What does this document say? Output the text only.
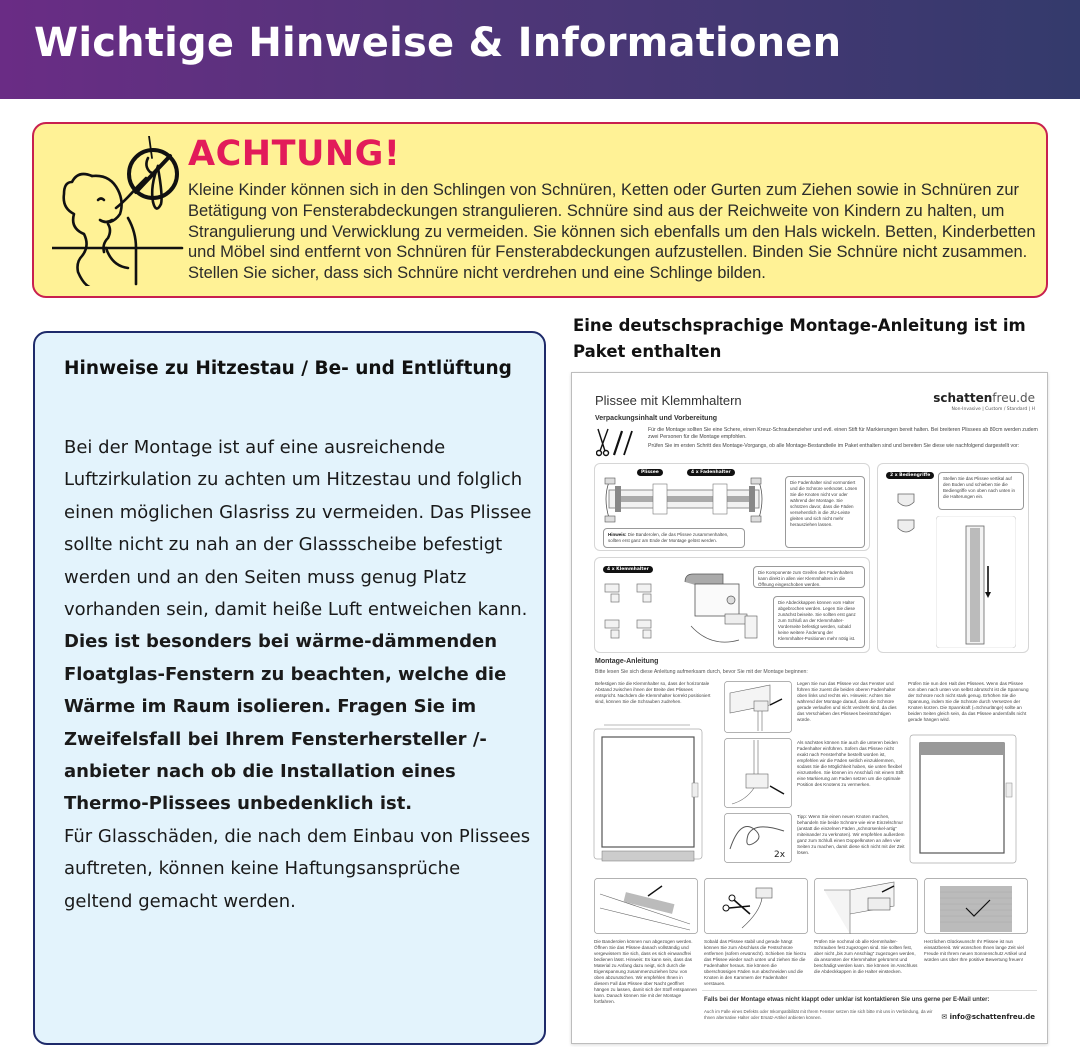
Wichtige Hinweise & Informationen
ACHTUNG!

Kleine Kinder können sich in den Schlingen von Schnüren, Ketten oder Gurten zum Ziehen sowie in Schnüren zur Betätigung von Fensterabdeckungen strangulieren. Schnüre sind aus der Reichweite von Kindern zu halten, um Strangulierung und Verwicklung zu vermeiden. Sie können sich ebenfalls um den Hals wickeln. Betten, Kinderbetten und Möbel sind entfernt von Schnüren für Fensterabdeckungen aufzustellen. Binden Sie Schnüre nicht zusammen. Stellen Sie sicher, dass sich Schnüre nicht verdrehen und eine Schlinge bilden.

Hinweise zu Hitzestau / Be- und Entlüftung
Bei der Montage ist auf eine ausreichende Luftzirkulation zu achten um Hitzestau und folglich einen möglichen Glasriss zu vermeiden. Das Plissee sollte nicht zu nah an der Glassscheibe befestigt werden und an den Seiten muss genug Platz vorhanden sein, damit heiße Luft entweichen kann.
Dies ist besonders bei wärme-dämmenden Floatglas-Fenstern zu beachten, welche die Wärme im Raum isolieren. Fragen Sie im Zweifelsfall bei Ihrem Fensterhersteller /-anbieter nach ob die Installation eines Thermo-Plissees unbedenklich ist.
Für Glasschäden, die nach dem Einbau von Plissees auftreten, können keine Haftungsansprüche geltend gemacht werden.
Eine deutschsprachige Montage-Anleitung ist im Paket enthalten
Plissee mit Klemmhaltern	schattenfreu.de
Non-Invasive | Custom / Standard | H
Verpackungsinhalt und Vorbereitung

Für die Montage sollten Sie eine Schere, einen Kreuz-Schraubenzieher und evtl. einen Stift für Markierungen bereit halten. Bei breiteren Plissees ab 80cm werden zudem zwei Personen für die Montage empfohlen.

Prüfen Sie im ersten Schritt des Montage-Vorgangs, ob alle Montage-Bestandteile im Paket enthalten sind und bereiten Sie diese wie nachfolgend dargestellt vor:

Plissee	4 x Fadenhalter
Hinweis: Die Banderolen, die das Plissee zusammenhalten, sollten erst ganz am Ende der Montage gelöst werden.
Die Fadenhalter sind vormontiert und die Schnüre verknotet. Lösen Sie die Knoten nicht vor oder während der Montage. Sie schützen davor, dass die Fäden versehentlich in die J/U-Leiste gleiten und sich nicht mehr herausziehen lassen.
2 x Bediengriffe
Stellen Sie das Plissee vertikal auf den Boden und schieben Sie die Bediengriffe von oben nach unten in die Halterungen ein.
4 x Klemmhalter
Die Komponente zum Greifen des Fadenhalters kann direkt in allen vier Klemmhaltern in die Öffnung eingeschoben werden.
Die Abdeckkappen können vom Halter abgebrochen werden. Legen Sie diese zunächst beiseite. Sie sollten erst ganz zum Schluß an der Klemmhalter-Vorderseite befestigt werden, sobald keine weitere Änderung der Klemmhalter-Positionen mehr nötig ist.
Montage-Anleitung
Bitte lesen Sie sich diese Anleitung aufmerksam durch, bevor Sie mit der Montage beginnen:
Befestigen Sie die Klemmhalter so, dass der horizontale Abstand zwischen ihnen der Breite des Plissees entspricht. Nachdem die Klemmhalter korrekt positioniert sind, können Sie die Schrauben zudrehen.
2x
Legen Sie nun das Plissee vor das Fenster und führen Sie zuerst die beiden oberen Fadenhalter oben links und rechts ein. Hinweis: Achten Sie während der Montage darauf, dass die Schnüre gerade verlaufen und nicht verdreht sind, da dies das Verschieben des Plissees beeinträchtigen würde.
Als nächstes können Sie auch die unteren beiden Fadenhalter einführen. Sofern das Plissee nicht exakt nach Fensterhöhe bestellt worden ist, empfehlen wir die Fäden seitlich einzuklemmen, sodass Sie die Möglichkeit haben, sie unten flexibel einzustellen. Sie können im Anschluß mit einem Stift eine Markierung am Faden setzen um die optimale Position des Knotens zu vermerken.
Tipp: Wenn Sie einen neuen Knoten machen, behandeln Sie beide Schnüre wie eine Einzelschnur (anstatt die einzelnen Fäden „schnürsenkel-artig“ miteinander zu verknoten). Wir empfehlen außerdem ganz zum Schluß einen Doppelknoten an allen vier Seiten zu machen, damit diese sich nicht mit der Zeit lösen.
Prüfen Sie nun den Halt des Plissees. Wenn das Plissee von oben nach unten von selbst abrutscht ist die Spannung der Schnüre noch nicht stark genug. Erhöhen Sie die Spannung, indem Sie die Schnüre durch Versetzen der Knoten kürzen. Die Spannkraft (=Schnurlänge) sollte an beiden Seiten gleich sein, da das Plissee andernfalls nicht gerade hängen wird.
Die Banderolen können nun abgezogen werden. Öffnen Sie das Plissee danach vollständig und vergewissern Sie sich, dass es sich einwandfrei bedienen lässt. Hinweis: Es kann sein, dass das Material zu Anfang dazu neigt, sich durch die Eigenspannung zusammenzuziehen bzw. von oben abzurutschen. Wir empfehlen Ihnen in diesem Fall das Plissee über Nacht geöffnet hängen zu lassen, damit sich der Stoff entspannen kann. Danach können Sie mit der Montage fortfahren.
Sobald das Plissee stabil und gerade hängt können Sie zum Abschluss die Festschnüre entfernen (sofern erwünscht). Schieben Sie hierzu das Plissee wieder nach unten und ziehen Sie die Fadenhalter heraus. Sie können die überschüssigen Fäden nun abschneiden und die Knoten in den Kammern der Fadenhalter verstauen.
Prüfen Sie nochmal ob alle Klemmhalter-Schrauben fest zugezogen sind. Sie sollten fest, aber nicht „bis zum Anschlag“ zugezogen werden, da ansonsten der Klemmhalter gekrümmt und beschädigt werden kann. Sie können im Anschluss die Abdeckkappen in die Halter einstecken.
Herzlichen Glückwunsch! Ihr Plissee ist nun einsatzbereit. Wir wünschen Ihnen lange Zeit viel Freude mit Ihrem neuen Sonnenschutz Artikel und würden uns über Ihre positive Bewertung freuen!
Falls bei der Montage etwas nicht klappt oder unklar ist kontaktieren Sie uns gerne per E-Mail unter:
Auch im Falle eines Defekts oder Inkompatibilität mit Ihrem Fenster setzen Sie sich bitte mit uns in Verbindung, da wir Ihnen alternative Halter oder Ersatz-Artikel anbieten können.	✉ info@schattenfreu.de
